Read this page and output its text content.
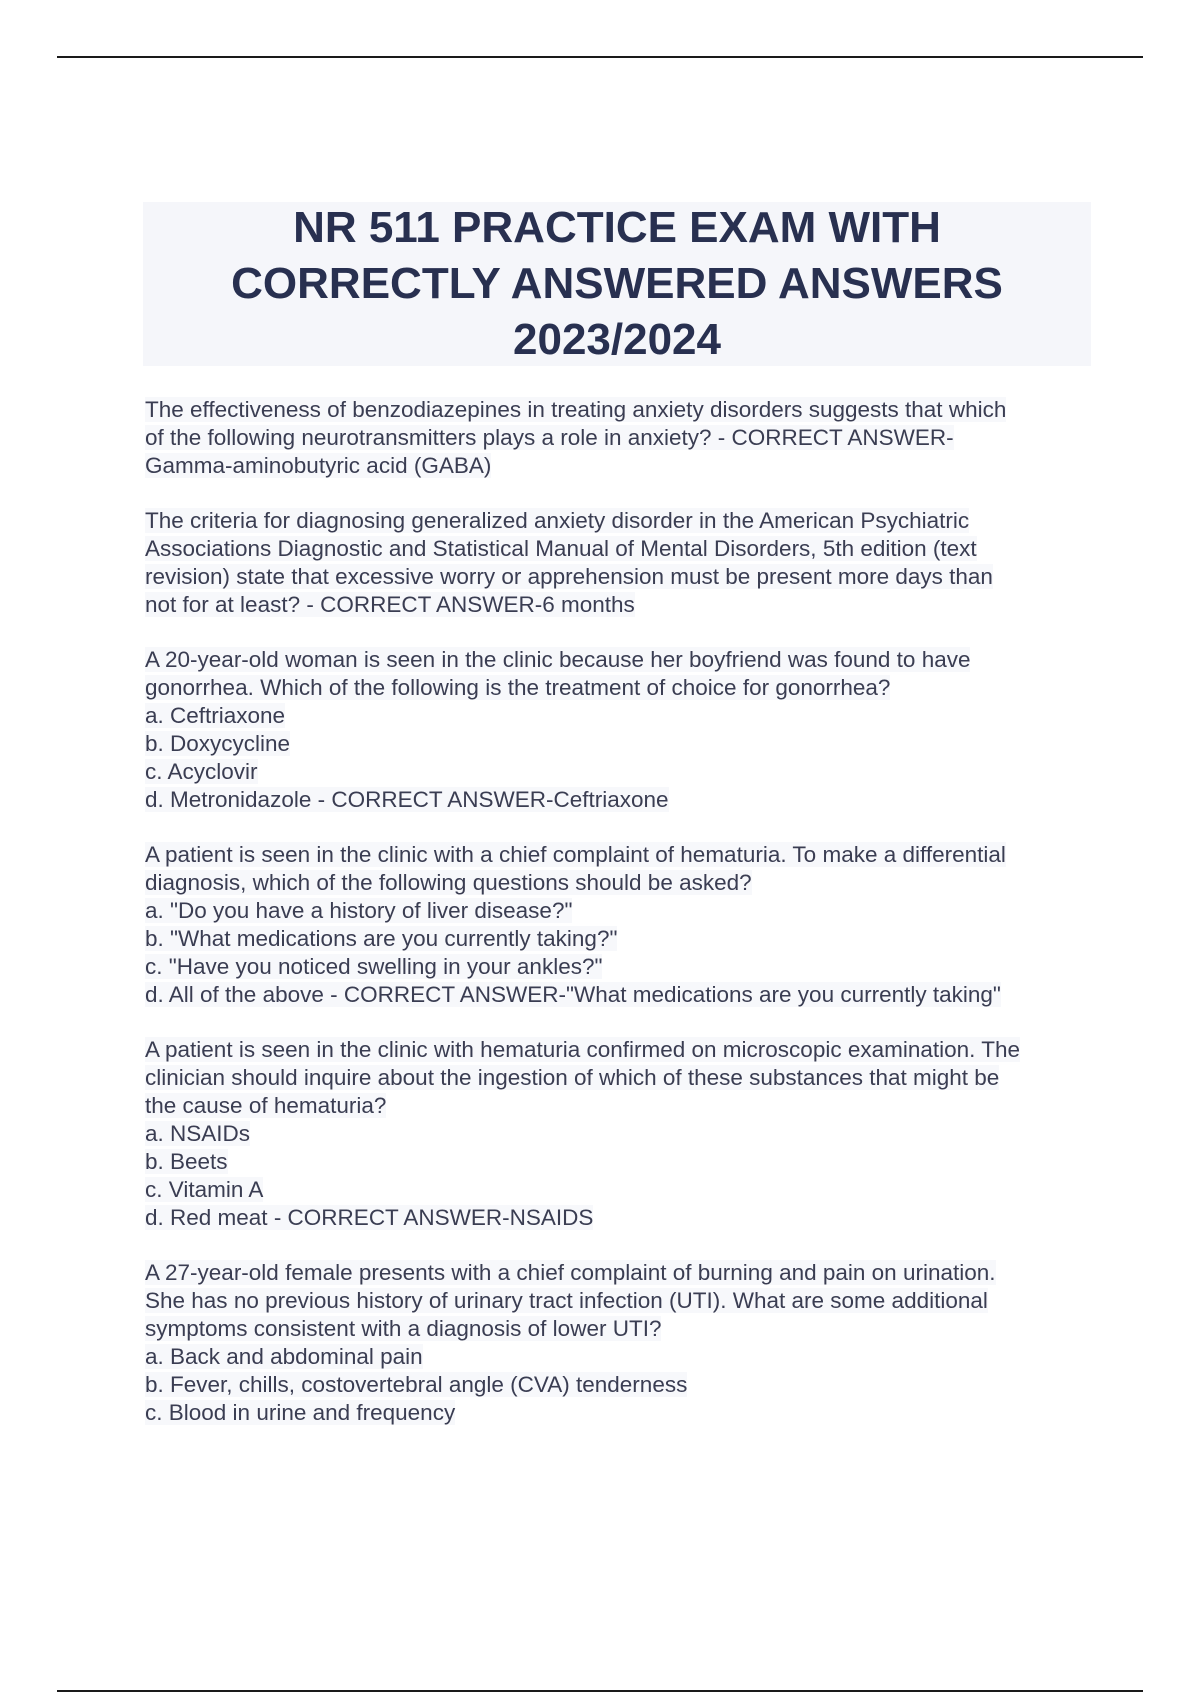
NR 511 PRACTICE EXAM WITH
CORRECTLY ANSWERED ANSWERS
2023/2024
The effectiveness of benzodiazepines in treating anxiety disorders suggests that which
of the following neurotransmitters plays a role in anxiety? - CORRECT ANSWER-
Gamma-aminobutyric acid (GABA)
The criteria for diagnosing generalized anxiety disorder in the American Psychiatric
Associations Diagnostic and Statistical Manual of Mental Disorders, 5th edition (text
revision) state that excessive worry or apprehension must be present more days than
not for at least? - CORRECT ANSWER-6 months
A 20-year-old woman is seen in the clinic because her boyfriend was found to have
gonorrhea. Which of the following is the treatment of choice for gonorrhea?
a. Ceftriaxone
b. Doxycycline
c. Acyclovir
d. Metronidazole - CORRECT ANSWER-Ceftriaxone
A patient is seen in the clinic with a chief complaint of hematuria. To make a differential
diagnosis, which of the following questions should be asked?
a. "Do you have a history of liver disease?"
b. "What medications are you currently taking?"
c. "Have you noticed swelling in your ankles?"
d. All of the above - CORRECT ANSWER-"What medications are you currently taking"
A patient is seen in the clinic with hematuria confirmed on microscopic examination. The
clinician should inquire about the ingestion of which of these substances that might be
the cause of hematuria?
a. NSAIDs
b. Beets
c. Vitamin A
d. Red meat - CORRECT ANSWER-NSAIDS
A 27-year-old female presents with a chief complaint of burning and pain on urination.
She has no previous history of urinary tract infection (UTI). What are some additional
symptoms consistent with a diagnosis of lower UTI?
a. Back and abdominal pain
b. Fever, chills, costovertebral angle (CVA) tenderness
c. Blood in urine and frequency
